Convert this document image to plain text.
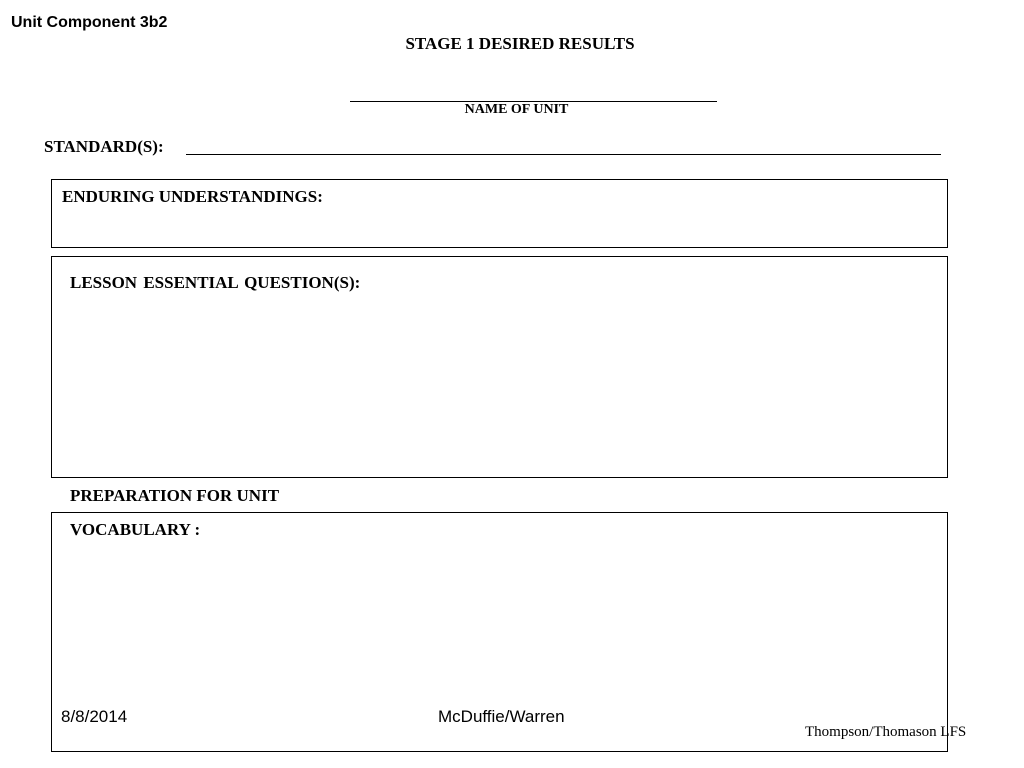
Unit Component 3b2
STAGE 1 DESIRED RESULTS
NAME OF UNIT
STANDARD(S):
ENDURING UNDERSTANDINGS:
LESSON ESSENTIAL QUESTION(S):
PREPARATION FOR UNIT
VOCABULARY :
8/8/2014	McDuffie/Warren
Thompson/Thomason LFS
